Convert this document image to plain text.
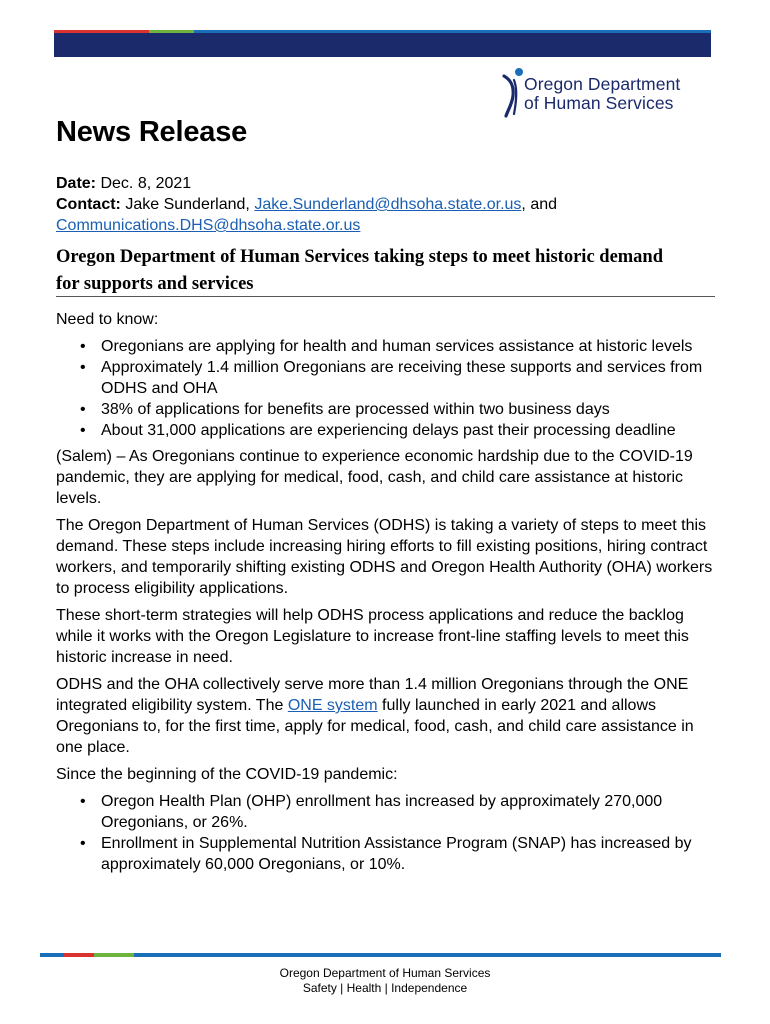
Oregon Department
of Human Services
News Release
Date: Dec. 8, 2021
Contact: Jake Sunderland, Jake.Sunderland@dhsoha.state.or.us, and
Communications.DHS@dhsoha.state.or.us
Oregon Department of Human Services taking steps to meet historic demand for supports and services

Need to know:

• Oregonians are applying for health and human services assistance at historic levels
• Approximately 1.4 million Oregonians are receiving these supports and services from ODHS and OHA
• 38% of applications for benefits are processed within two business days
• About 31,000 applications are experiencing delays past their processing deadline

(Salem) – As Oregonians continue to experience economic hardship due to the COVID-19 pandemic, they are applying for medical, food, cash, and child care assistance at historic levels.

The Oregon Department of Human Services (ODHS) is taking a variety of steps to meet this demand. These steps include increasing hiring efforts to fill existing positions, hiring contract workers, and temporarily shifting existing ODHS and Oregon Health Authority (OHA) workers to process eligibility applications.

These short-term strategies will help ODHS process applications and reduce the backlog while it works with the Oregon Legislature to increase front-line staffing levels to meet this historic increase in need.

ODHS and the OHA collectively serve more than 1.4 million Oregonians through the ONE integrated eligibility system. The ONE system fully launched in early 2021 and allows Oregonians to, for the first time, apply for medical, food, cash, and child care assistance in one place.

Since the beginning of the COVID-19 pandemic:

• Oregon Health Plan (OHP) enrollment has increased by approximately 270,000 Oregonians, or 26%.
• Enrollment in Supplemental Nutrition Assistance Program (SNAP) has increased by approximately 60,000 Oregonians, or 10%.
Oregon Department of Human Services
Safety | Health | Independence
